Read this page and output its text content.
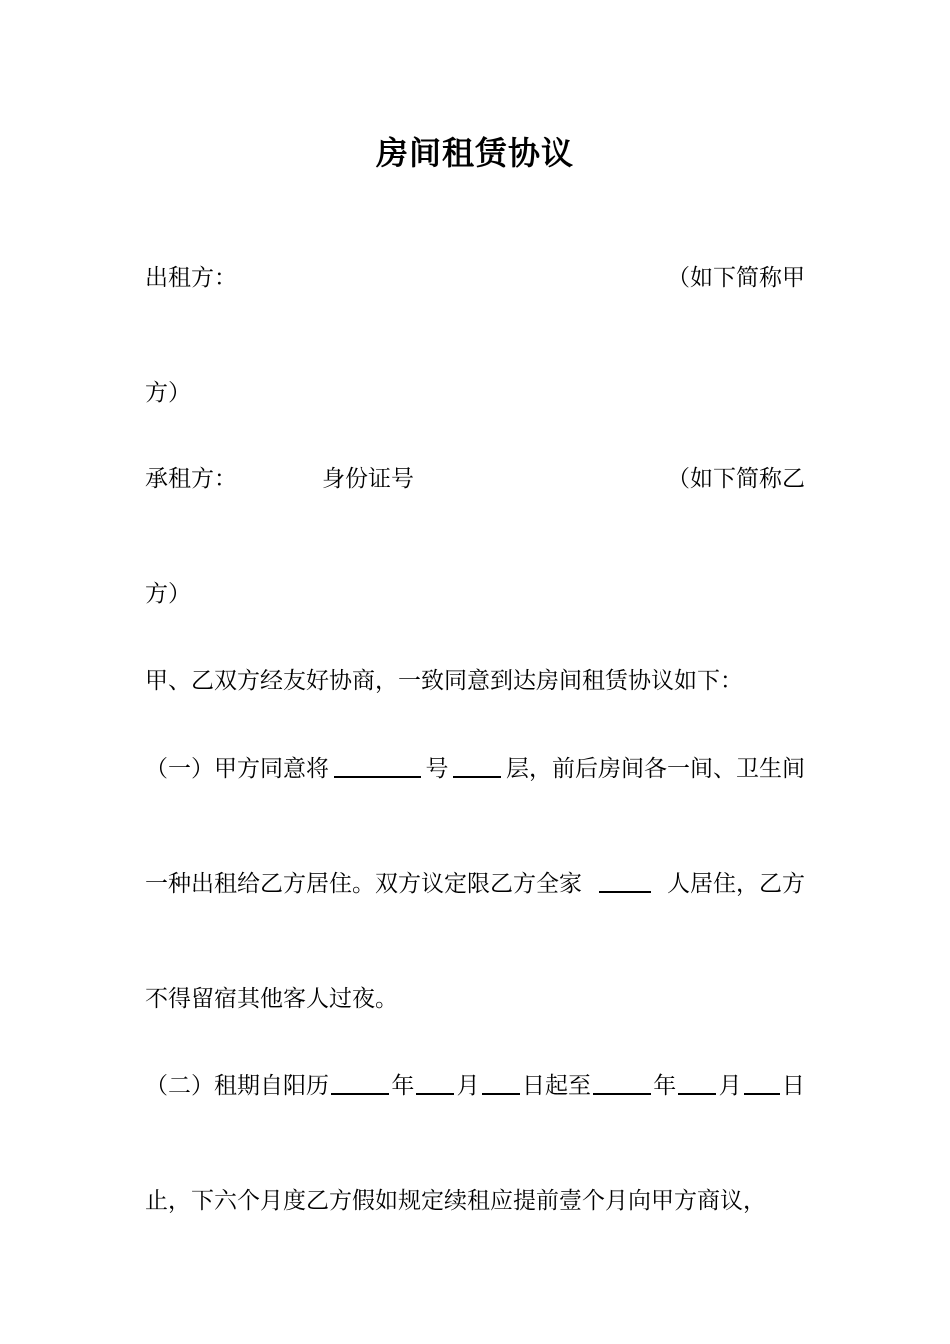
房间租赁协议
出租方：	（如下简称甲
方）
承租方：	身份证号	（如下简称乙
方）
甲、乙双方经友好协商，一致同意到达房间租赁协议如下：
（一）甲方同意将	号	层，前后房间各一间、卫生间
一种出租给乙方居住。双方议定限乙方全家	人居住，乙方
不得留宿其他客人过夜。
（二）租期自阳历	年 月 日起至	年 月 日
止，下六个月度乙方假如规定续租应提前壹个月向甲方商议，
